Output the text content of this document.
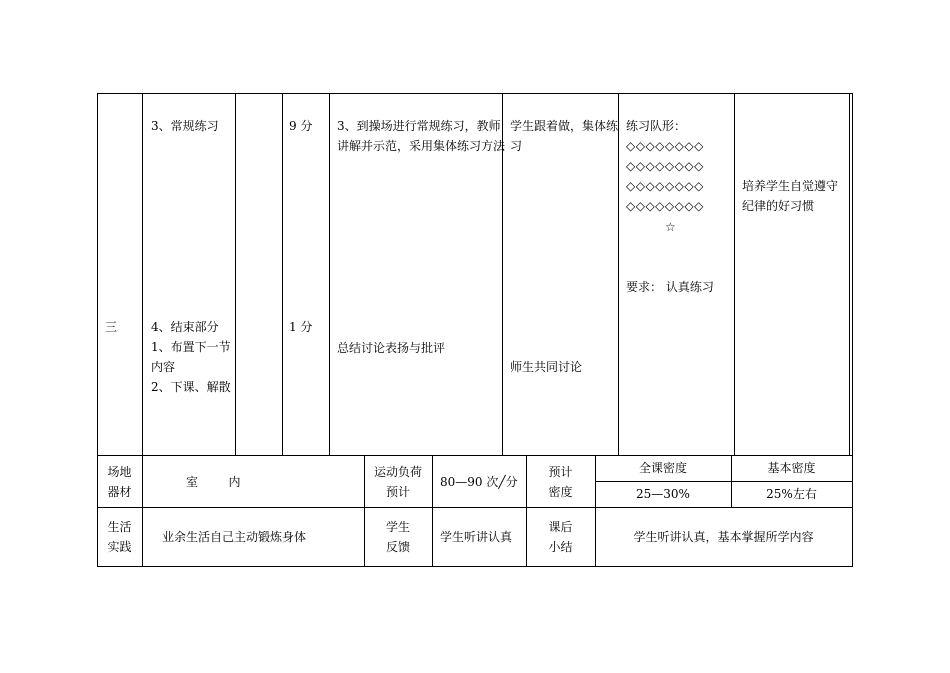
三
3、常规练习	9 分 3、到操场进行常规练习，教师
讲解并示范，采用集体练习方法
学生跟着做，集体练
习
练习队形：
◇◇◇◇◇◇◇◇
◇◇◇◇◇◇◇◇
◇◇◇◇◇◇◇◇
◇◇◇◇◇◇◇◇
☆
要求： 认真练习
培养学生自觉遵守
纪律的好习惯
4、结束部分
1、布置下一节
内容
2、下课、解散
1 分
总结讨论表扬与批评
师生共同讨论
场地
器材
室        内
运动负荷
预计
80—90 次╱分
预计
密度
全课密度
25—30%
基本密度
25%左右
生活
实践
业余生活自己主动锻炼身体
学生
反馈
学生听讲认真
课后
小结
学生听讲认真，基本掌握所学内容
